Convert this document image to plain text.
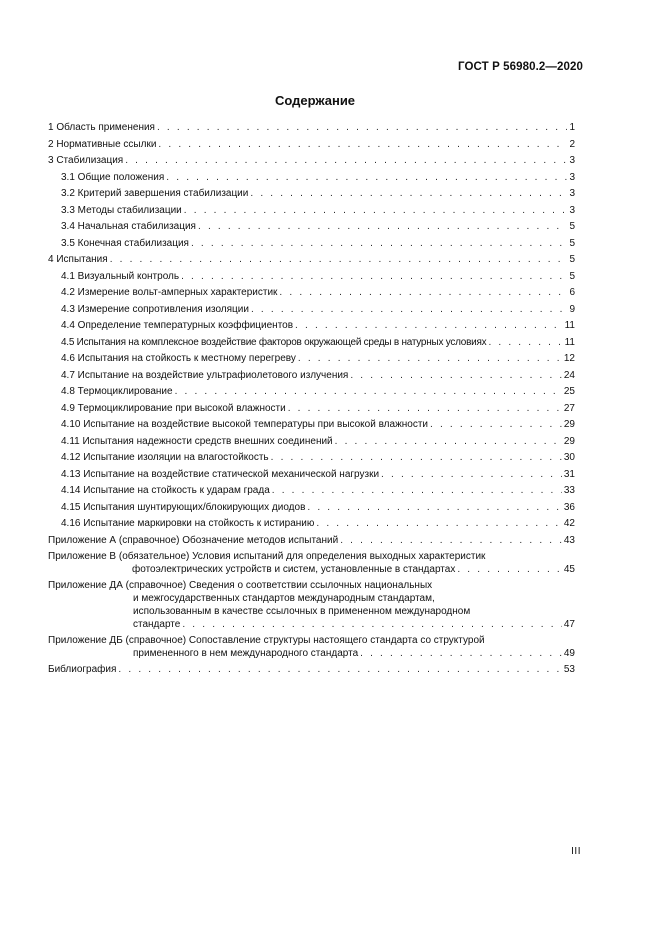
ГОСТ Р 56980.2—2020
Содержание
1 Область применения . . .	1
2 Нормативные ссылки . . .	2
3 Стабилизация . . .	3
3.1 Общие положения . . .	3
3.2 Критерий завершения стабилизации . . .	3
3.3 Методы стабилизации . . .	3
3.4 Начальная стабилизация . . .	5
3.5 Конечная стабилизация . . .	5
4 Испытания . . .	5
4.1 Визуальный контроль . . .	5
4.2 Измерение вольт-амперных характеристик . . .	6
4.3 Измерение сопротивления изоляции . . .	9
4.4 Определение температурных коэффициентов . . .	11
4.5 Испытания на комплексное воздействие факторов окружающей среды в натурных условиях . . .	11
4.6 Испытания на стойкость к местному перегреву . . .	12
4.7 Испытание на воздействие ультрафиолетового излучения . . .	24
4.8 Термоциклирование . . .	25
4.9 Термоциклирование при высокой влажности . . .	27
4.10 Испытание на воздействие высокой температуры при высокой влажности . . .	29
4.11 Испытания надежности средств внешних соединений . . .	29
4.12 Испытание изоляции на влагостойкость . . .	30
4.13 Испытание на воздействие статической механической нагрузки . . .	31
4.14 Испытание на стойкость к ударам града . . .	33
4.15 Испытания шунтирующих/блокирующих диодов . . .	36
4.16 Испытание маркировки на стойкость к истиранию . . .	42
Приложение А (справочное) Обозначение методов испытаний . . .	43
Приложение В (обязательное) Условия испытаний для определения выходных характеристик
фотоэлектрических устройств и систем, установленные в стандартах . . .	45
Приложение ДА (справочное) Сведения о соответствии ссылочных национальных
и межгосударственных стандартов международным стандартам,
использованным в качестве ссылочных в примененном международном
стандарте . . .	47
Приложение ДБ (справочное) Сопоставление структуры настоящего стандарта со структурой
примененного в нем международного стандарта . . .	49
Библиография . . .	53
III
